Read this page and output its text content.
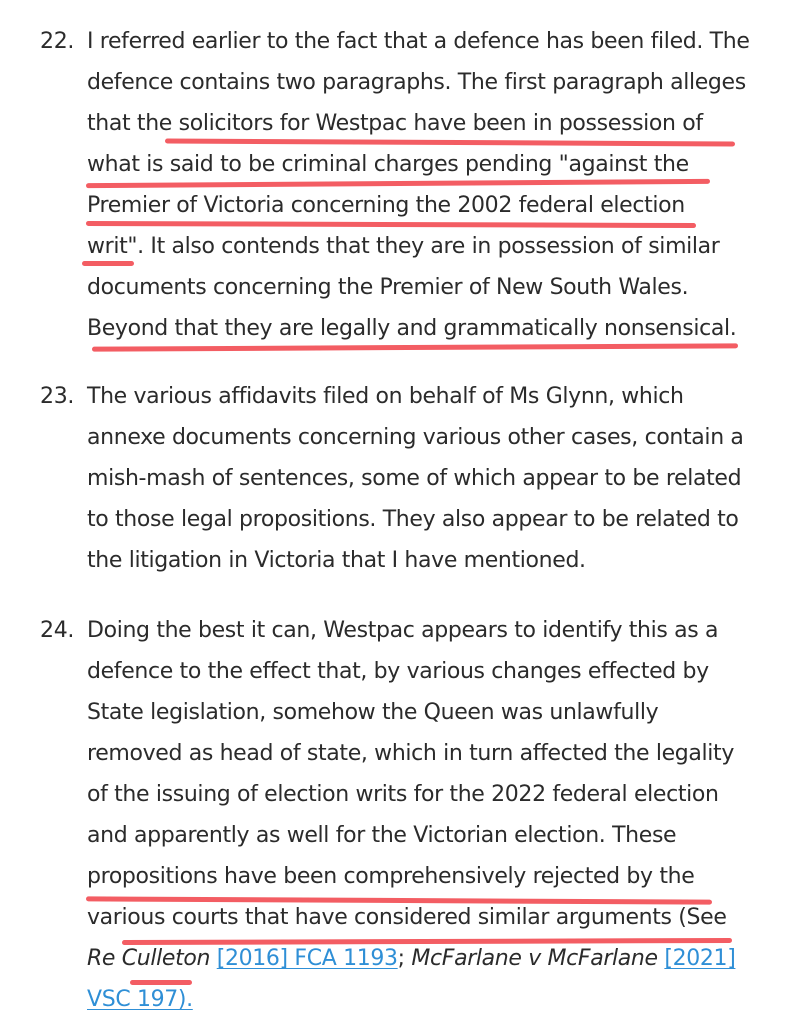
22. I referred earlier to the fact that a defence has been filed. The
defence contains two paragraphs. The first paragraph alleges
that the solicitors for Westpac have been in possession of
what is said to be criminal charges pending "against the
Premier of Victoria concerning the 2002 federal election
writ". It also contends that they are in possession of similar
documents concerning the Premier of New South Wales.
Beyond that they are legally and grammatically nonsensical.
23. The various affidavits filed on behalf of Ms Glynn, which
annexe documents concerning various other cases, contain a
mish-mash of sentences, some of which appear to be related
to those legal propositions. They also appear to be related to
the litigation in Victoria that I have mentioned.
24. Doing the best it can, Westpac appears to identify this as a
defence to the effect that, by various changes effected by
State legislation, somehow the Queen was unlawfully
removed as head of state, which in turn affected the legality
of the issuing of election writs for the 2022 federal election
and apparently as well for the Victorian election. These
propositions have been comprehensively rejected by the
various courts that have considered similar arguments (See
Re Culleton [2016] FCA 1193; McFarlane v McFarlane [2021]
VSC 197).
